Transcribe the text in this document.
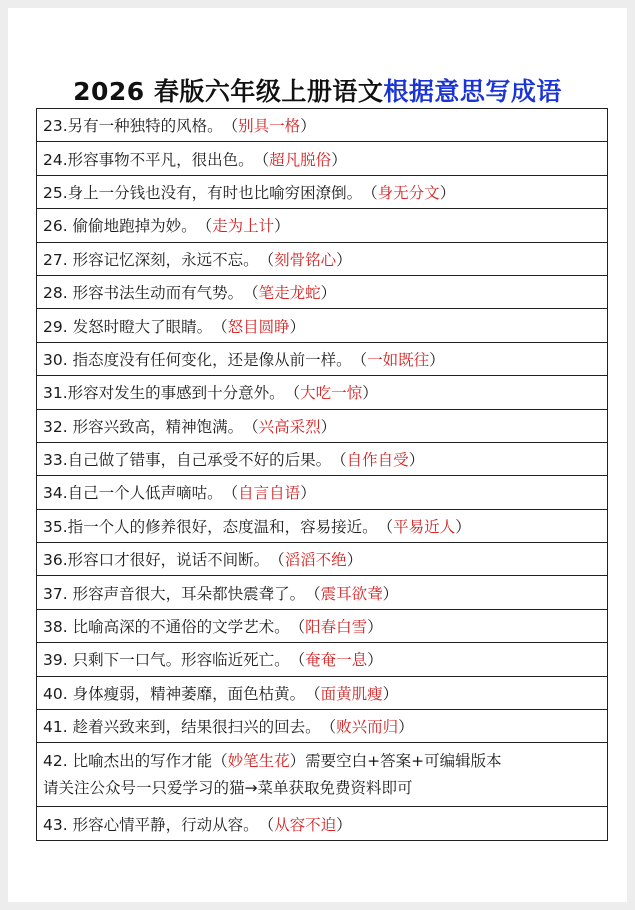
2026 春版六年级上册语文根据意思写成语
23.另有一种独特的风格。 （ 别具一格 ）
24.形容事物不平凡，很出色。 （ 超凡脱俗 ）
25.身上一分钱也没有，有时也比喻穷困潦倒。 （ 身无分文 ）
26. 偷偷地跑掉为妙。 （ 走为上计 ）
27. 形容记忆深刻，永远不忘。 （ 刻骨铭心 ）
28. 形容书法生动而有气势。 （ 笔走龙蛇 ）
29. 发怒时瞪大了眼睛。 （ 怒目圆睁 ）
30. 指态度没有任何变化，还是像从前一样。 （ 一如既往 ）
31.形容对发生的事感到十分意外。 （ 大吃一惊 ）
32. 形容兴致高，精神饱满。 （ 兴高采烈 ）
33.自己做了错事，自己承受不好的后果。 （ 自作自受 ）
34.自己一个人低声嘀咕。 （ 自言自语 ）
35.指一个人的修养很好，态度温和，容易接近。 （ 平易近人 ）
36.形容口才很好，说话不间断。 （ 滔滔不绝 ）
37. 形容声音很大，耳朵都快震聋了。 （ 震耳欲聋 ）
38. 比喻高深的不通俗的文学艺术。 （ 阳春白雪 ）
39. 只剩下一口气。形容临近死亡。 （ 奄奄一息 ）
40. 身体瘦弱，精神萎靡，面色枯黄。 （ 面黄肌瘦 ）
41. 趁着兴致来到，结果很扫兴的回去。 （ 败兴而归 ）
42. 比喻杰出的写作才能（妙笔生花）需要空白+答案+可编辑版本
请关注公众号一只爱学习的猫→菜单获取免费资料即可
43. 形容心情平静，行动从容。 （ 从容不迫 ）
